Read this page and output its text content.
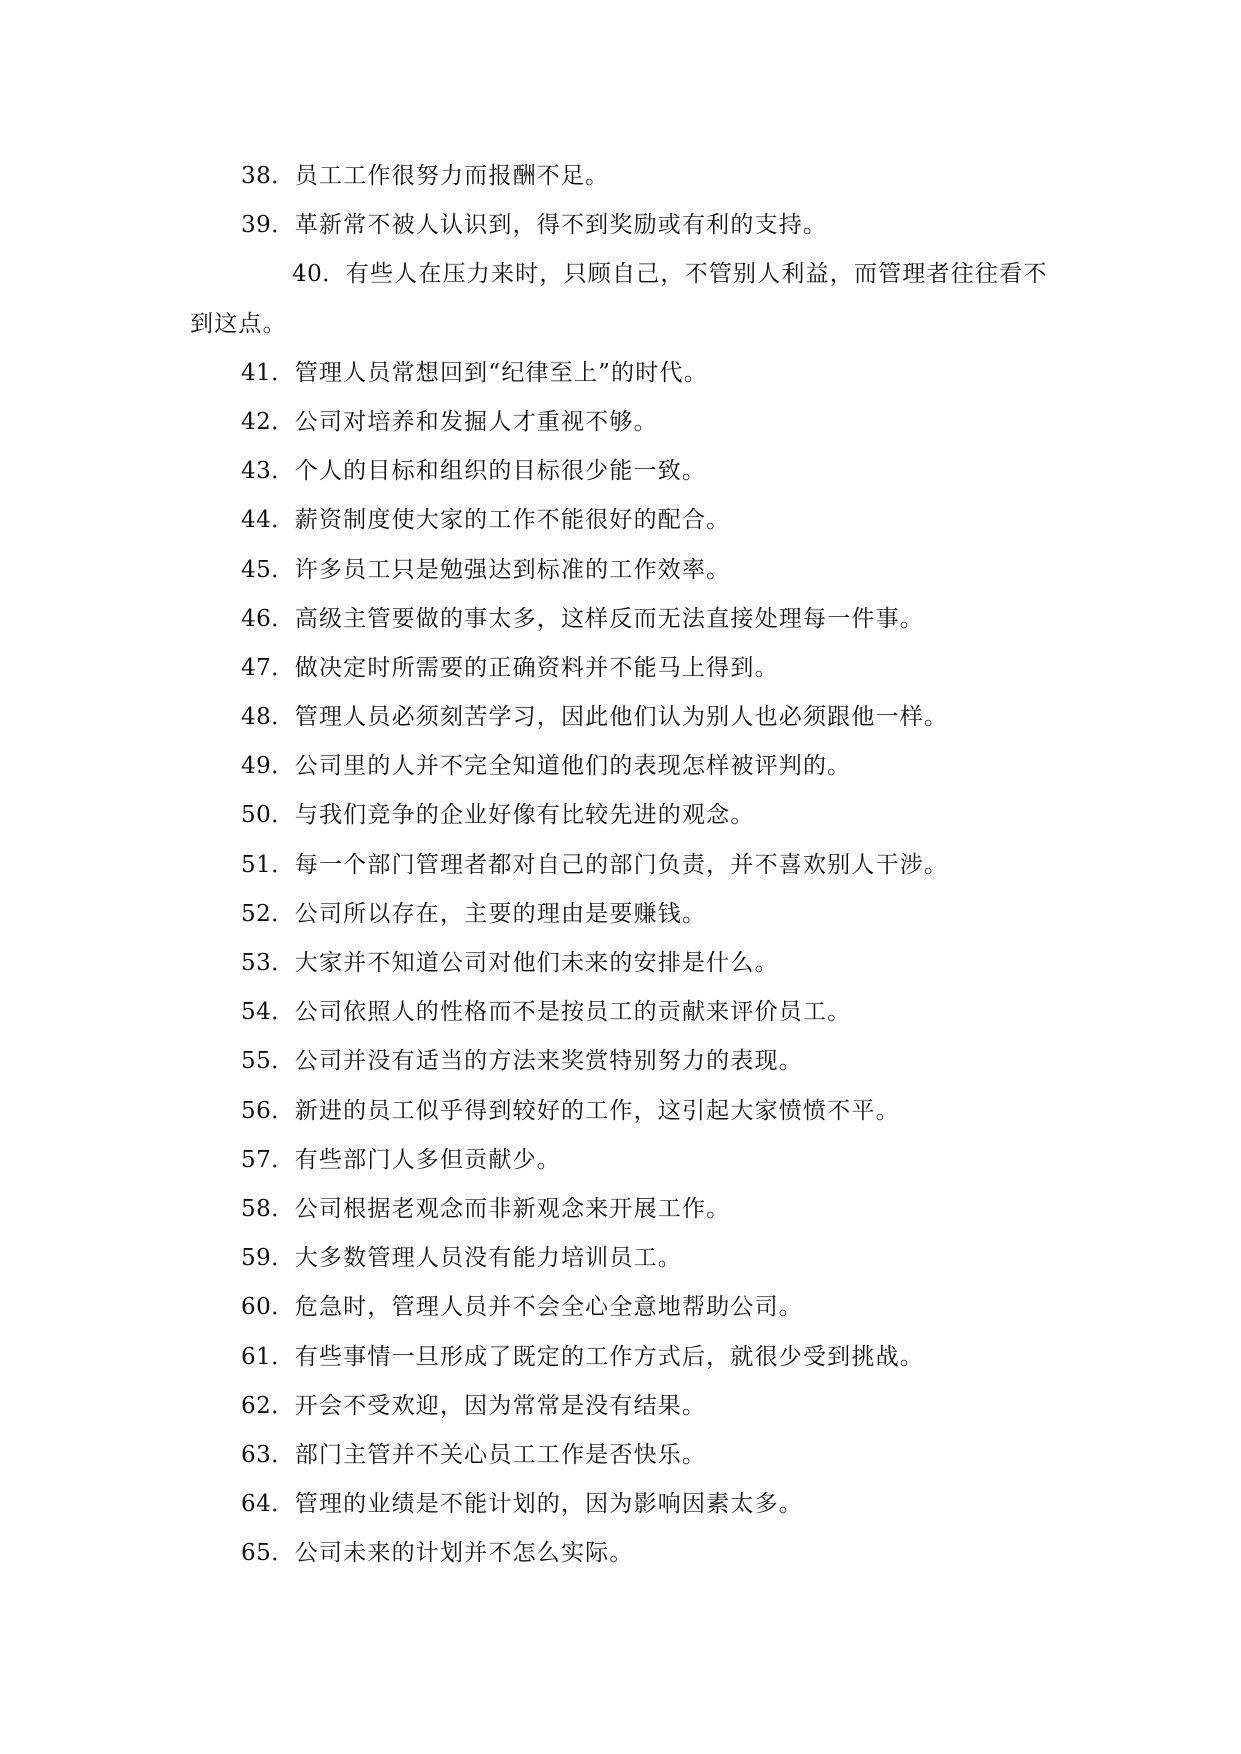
38．员工工作很努力而报酬不足。
39．革新常不被人认识到，得不到奖励或有利的支持。
40．有些人在压力来时，只顾自己，不管别人利益，而管理者往往看不到这点。
41．管理人员常想回到“纪律至上”的时代。
42．公司对培养和发掘人才重视不够。
43．个人的目标和组织的目标很少能一致。
44．薪资制度使大家的工作不能很好的配合。
45．许多员工只是勉强达到标准的工作效率。
46．高级主管要做的事太多，这样反而无法直接处理每一件事。
47．做决定时所需要的正确资料并不能马上得到。
48．管理人员必须刻苦学习，因此他们认为别人也必须跟他一样。
49．公司里的人并不完全知道他们的表现怎样被评判的。
50．与我们竞争的企业好像有比较先进的观念。
51．每一个部门管理者都对自己的部门负责，并不喜欢别人干涉。
52．公司所以存在，主要的理由是要赚钱。
53．大家并不知道公司对他们未来的安排是什么。
54．公司依照人的性格而不是按员工的贡献来评价员工。
55．公司并没有适当的方法来奖赏特别努力的表现。
56．新进的员工似乎得到较好的工作，这引起大家愤愤不平。
57．有些部门人多但贡献少。
58．公司根据老观念而非新观念来开展工作。
59．大多数管理人员没有能力培训员工。
60．危急时，管理人员并不会全心全意地帮助公司。
61．有些事情一旦形成了既定的工作方式后，就很少受到挑战。
62．开会不受欢迎，因为常常是没有结果。
63．部门主管并不关心员工工作是否快乐。
64．管理的业绩是不能计划的，因为影响因素太多。
65．公司未来的计划并不怎么实际。
